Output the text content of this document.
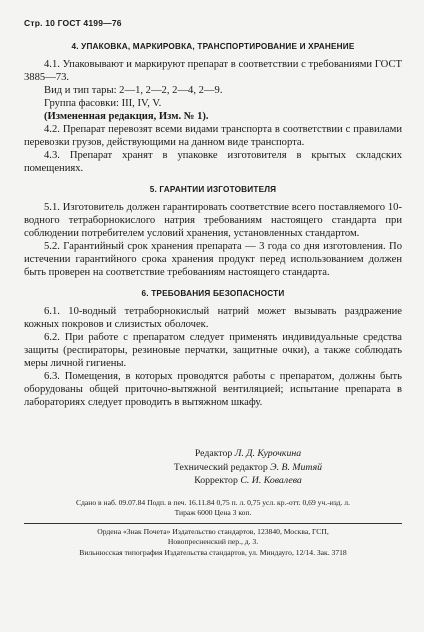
Стр. 10 ГОСТ 4199—76
4. УПАКОВКА, МАРКИРОВКА, ТРАНСПОРТИРОВАНИЕ И ХРАНЕНИЕ

4.1. Упаковывают и маркируют препарат в соответствии с требованиями ГОСТ 3885—73.

Вид и тип тары: 2—1, 2—2, 2—4, 2—9.

Группа фасовки: III, IV, V.

(Измененная редакция, Изм. № 1).

4.2. Препарат перевозят всеми видами транспорта в соответствии с правилами перевозки грузов, действующими на данном виде транспорта.

4.3. Препарат хранят в упаковке изготовителя в крытых складских помещениях.

5. ГАРАНТИИ ИЗГОТОВИТЕЛЯ

5.1. Изготовитель должен гарантировать соответствие всего поставляемого 10-водного тетраборнокислого натрия требованиям настоящего стандарта при соблюдении потребителем условий хранения, установленных стандартом.

5.2. Гарантийный срок хранения препарата — 3 года со дня изготовления. По истечении гарантийного срока хранения продукт перед использованием должен быть проверен на соответствие требованиям настоящего стандарта.

6. ТРЕБОВАНИЯ БЕЗОПАСНОСТИ

6.1. 10-водный тетраборнокислый натрий может вызывать раздражение кожных покровов и слизистых оболочек.

6.2. При работе с препаратом следует применять индивидуальные средства защиты (респираторы, резиновые перчатки, защитные очки), а также соблюдать меры личной гигиены.

6.3. Помещения, в которых проводятся работы с препаратом, должны быть оборудованы общей приточно-вытяжной вентиляцией; испытание препарата в лабораториях следует проводить в вытяжном шкафу.

Редактор Л. Д. Курочкина
Технический редактор Э. В. Митяй
Корректор С. И. Ковалева
Сдано в наб. 09.07.84 Подп. в печ. 16.11.84 0,75 п. л. 0,75 усл. кр.-отт. 0,69 уч.-изд. л.
Тираж 6000 Цена 3 коп.
Ордена «Знак Почета» Издательство стандартов, 123840, Москва, ГСП,
Новопресненский пер., д. 3.
Вильнюсская типография Издательства стандартов, ул. Миндауго, 12/14. Зак. 3718
